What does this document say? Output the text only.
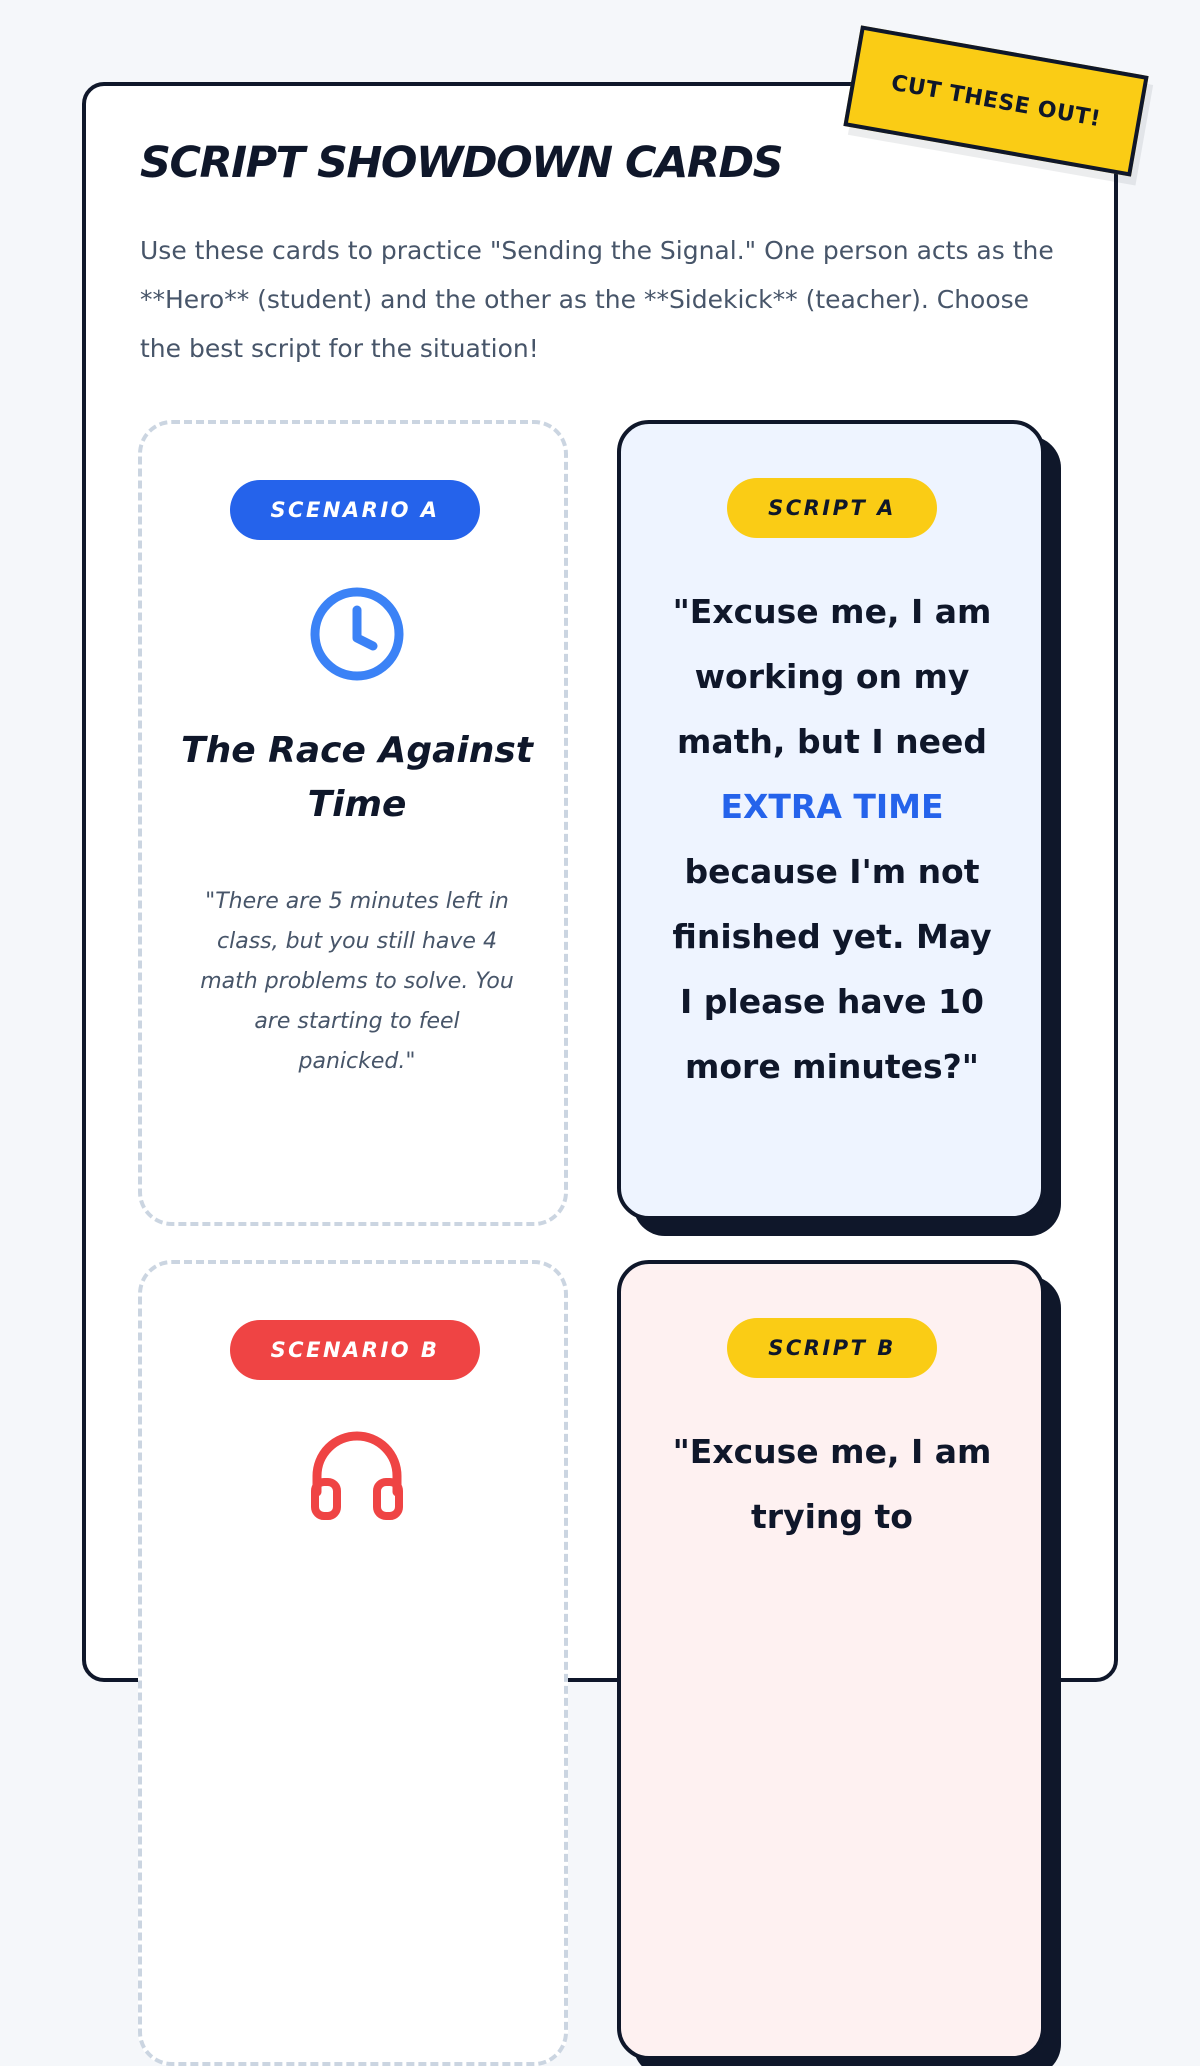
CUT THESE OUT!
SCRIPT SHOWDOWN CARDS

Use these cards to practice "Sending the Signal." One person acts as the **Hero** (student) and the other as the **Sidekick** (teacher). Choose the best script for the situation!

SCENARIO A
The Race Against Time

"There are 5 minutes left in class, but you still have 4 math problems to solve. You are starting to feel panicked."

SCRIPT A

"Excuse me, I am working on my math, but I need EXTRA TIME because I'm not finished yet. May I please have 10 more minutes?"

SCENARIO B	SCRIPT B

"Excuse me, I am trying to
